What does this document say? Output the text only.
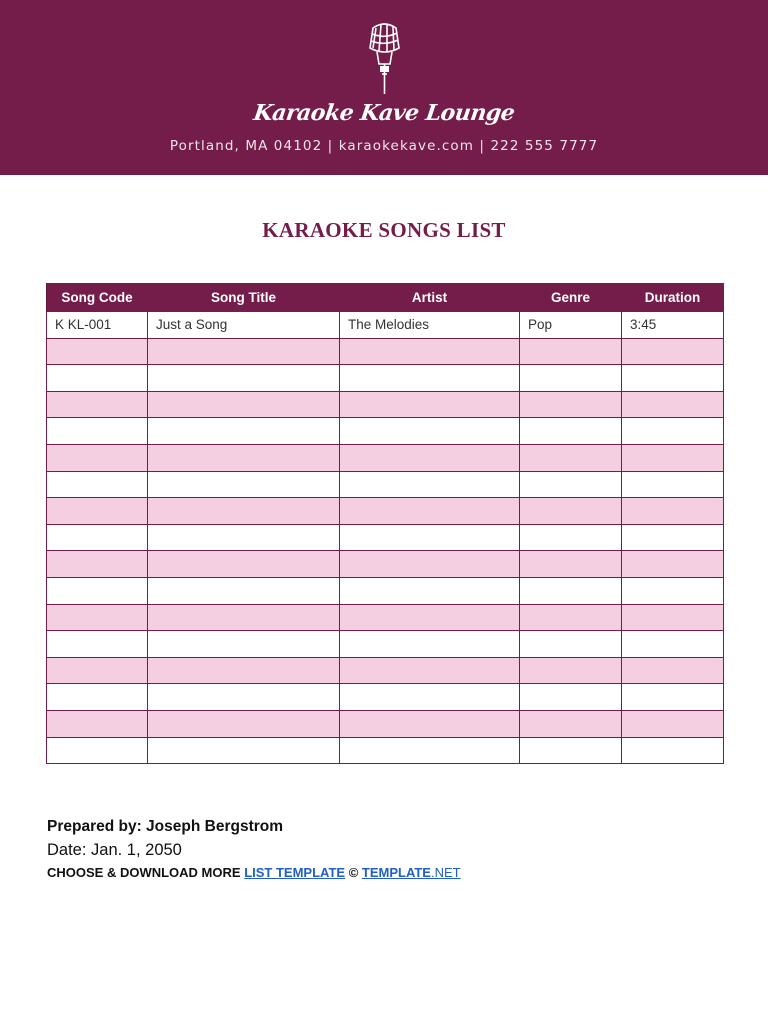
Karaoke Kave Lounge
Portland, MA 04102 | karaokekave.com | 222 555 7777
KARAOKE SONGS LIST
Song Code	Song Title	Artist	Genre	Duration
K KL-001	Just a Song	The Melodies	Pop	3:45

Prepared by: Joseph Bergstrom
Date: Jan. 1, 2050
CHOOSE & DOWNLOAD MORE LIST TEMPLATE © TEMPLATE.NET
